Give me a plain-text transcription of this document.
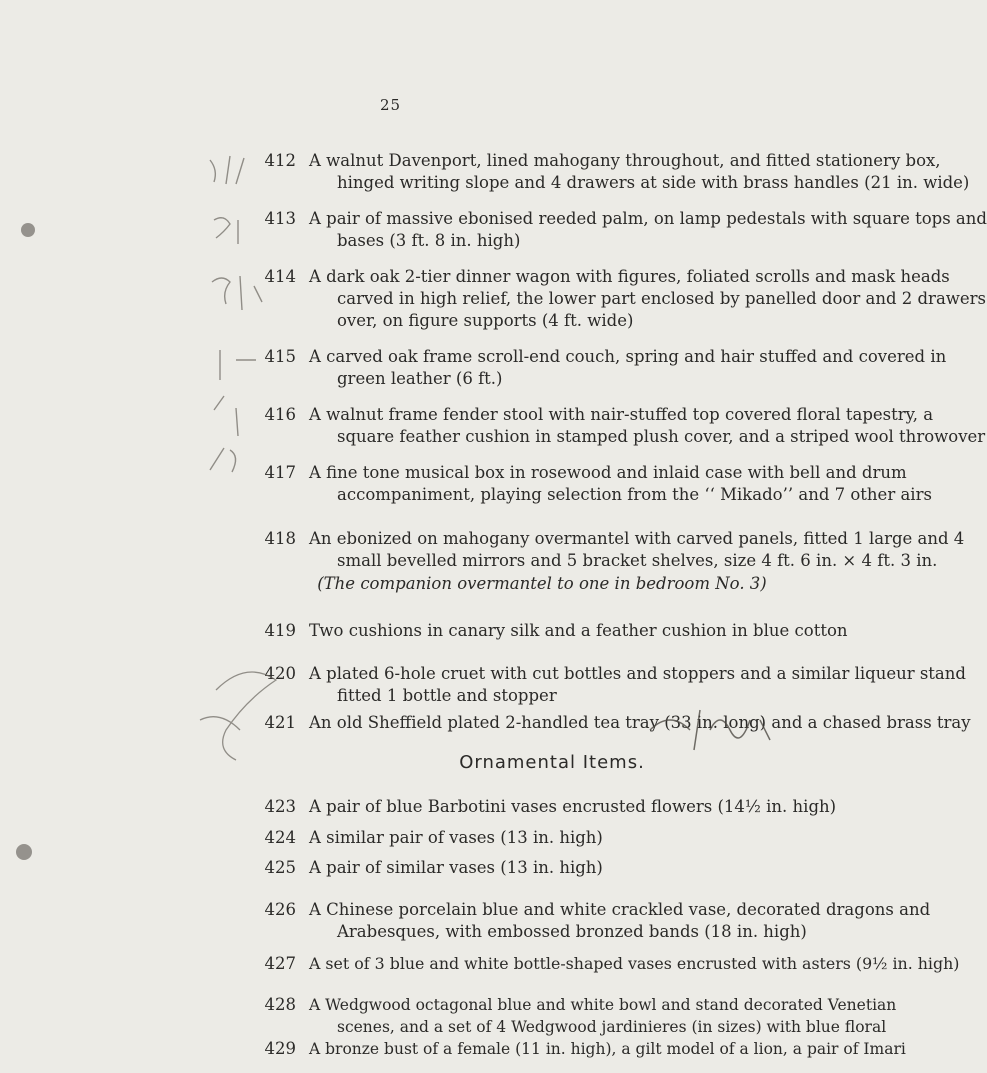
25
412 A walnut Davenport, lined mahogany throughout, and fitted stationery box,
hinged writing slope and 4 drawers at side with brass handles (21 in. wide)
413 A pair of massive ebonised reeded palm, on lamp pedestals with square tops and
bases (3 ft. 8 in. high)
414 A dark oak 2-tier dinner wagon with figures, foliated scrolls and mask heads
carved in high relief, the lower part enclosed by panelled door and 2 drawers
over, on figure supports (4 ft. wide)
415 A carved oak frame scroll-end couch, spring and hair stuffed and covered in
green leather (6 ft.)
416 A walnut frame fender stool with nair-stuffed top covered floral tapestry, a
square feather cushion in stamped plush cover, and a striped wool throwover
417 A fine tone musical box in rosewood and inlaid case with bell and drum
accompaniment, playing selection from the ‘‘ Mikado’’ and 7 other airs
418 An ebonized on mahogany overmantel with carved panels, fitted 1 large and 4
small bevelled mirrors and 5 bracket shelves, size 4 ft. 6 in. × 4 ft. 3 in.
(The companion overmantel to one in bedroom No. 3)
419 Two cushions in canary silk and a feather cushion in blue cotton
420 A plated 6-hole cruet with cut bottles and stoppers and a similar liqueur stand
fitted 1 bottle and stopper
421 An old Sheffield plated 2-handled tea tray (33 in. long) and a chased brass tray
Ornamental Items.
423 A pair of blue Barbotini vases encrusted flowers (14½ in. high)
424 A similar pair of vases (13 in. high)
425 A pair of similar vases (13 in. high)
426 A Chinese porcelain blue and white crackled vase, decorated dragons and
Arabesques, with embossed bronzed bands (18 in. high)
427 A set of 3 blue and white bottle-shaped vases encrusted with asters (9½ in. high)
428 A Wedgwood octagonal blue and white bowl and stand decorated Venetian
scenes, and a set of 4 Wedgwood jardinieres (in sizes) with blue floral
429 A bronze bust of a female (11 in. high), a gilt model of a lion, a pair of Imari
